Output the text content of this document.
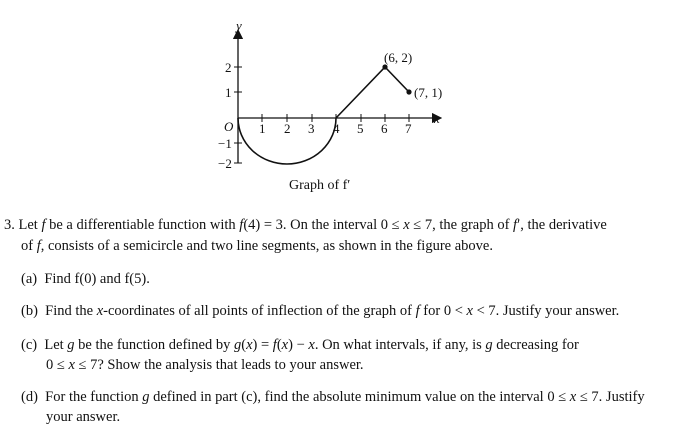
y
x
O 1 2 3 4 5 6 7
2
1
−1
−2
(6, 2)
(7, 1)
Graph of f′
3. Let f be a differentiable function with f(4) = 3. On the interval 0 ≤ x ≤ 7, the graph of f′, the derivative
of f, consists of a semicircle and two line segments, as shown in the figure above.
(a) Find f(0) and f(5).
(b) Find the x-coordinates of all points of inflection of the graph of f for 0 < x < 7. Justify your answer.
(c) Let g be the function defined by g(x) = f(x) − x. On what intervals, if any, is g decreasing for
0 ≤ x ≤ 7? Show the analysis that leads to your answer.
(d) For the function g defined in part (c), find the absolute minimum value on the interval 0 ≤ x ≤ 7. Justify
your answer.
